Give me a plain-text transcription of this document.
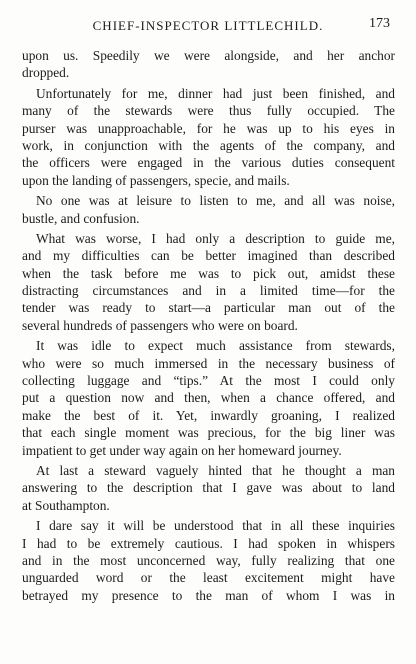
CHIEF-INSPECTOR LITTLECHILD.	173
upon us. Speedily we were alongside, and her anchor
dropped.
Unfortunately for me, dinner had just been finished, and
many of the stewards were thus fully occupied. The
purser was unapproachable, for he was up to his eyes in
work, in conjunction with the agents of the company, and
the officers were engaged in the various duties consequent
upon the landing of passengers, specie, and mails.
No one was at leisure to listen to me, and all was noise,
bustle, and confusion.
What was worse, I had only a description to guide me,
and my difficulties can be better imagined than described
when the task before me was to pick out, amidst these
distracting circumstances and in a limited time—for the
tender was ready to start—a particular man out of the
several hundreds of passengers who were on board.
It was idle to expect much assistance from stewards,
who were so much immersed in the necessary business of
collecting luggage and “tips.” At the most I could only
put a question now and then, when a chance offered, and
make the best of it. Yet, inwardly groaning, I realized
that each single moment was precious, for the big liner was
impatient to get under way again on her homeward journey.
At last a steward vaguely hinted that he thought a man
answering to the description that I gave was about to land
at Southampton.
I dare say it will be understood that in all these inquiries
I had to be extremely cautious. I had spoken in whispers
and in the most unconcerned way, fully realizing that one
unguarded word or the least excitement might have
betrayed my presence to the man of whom I was in
